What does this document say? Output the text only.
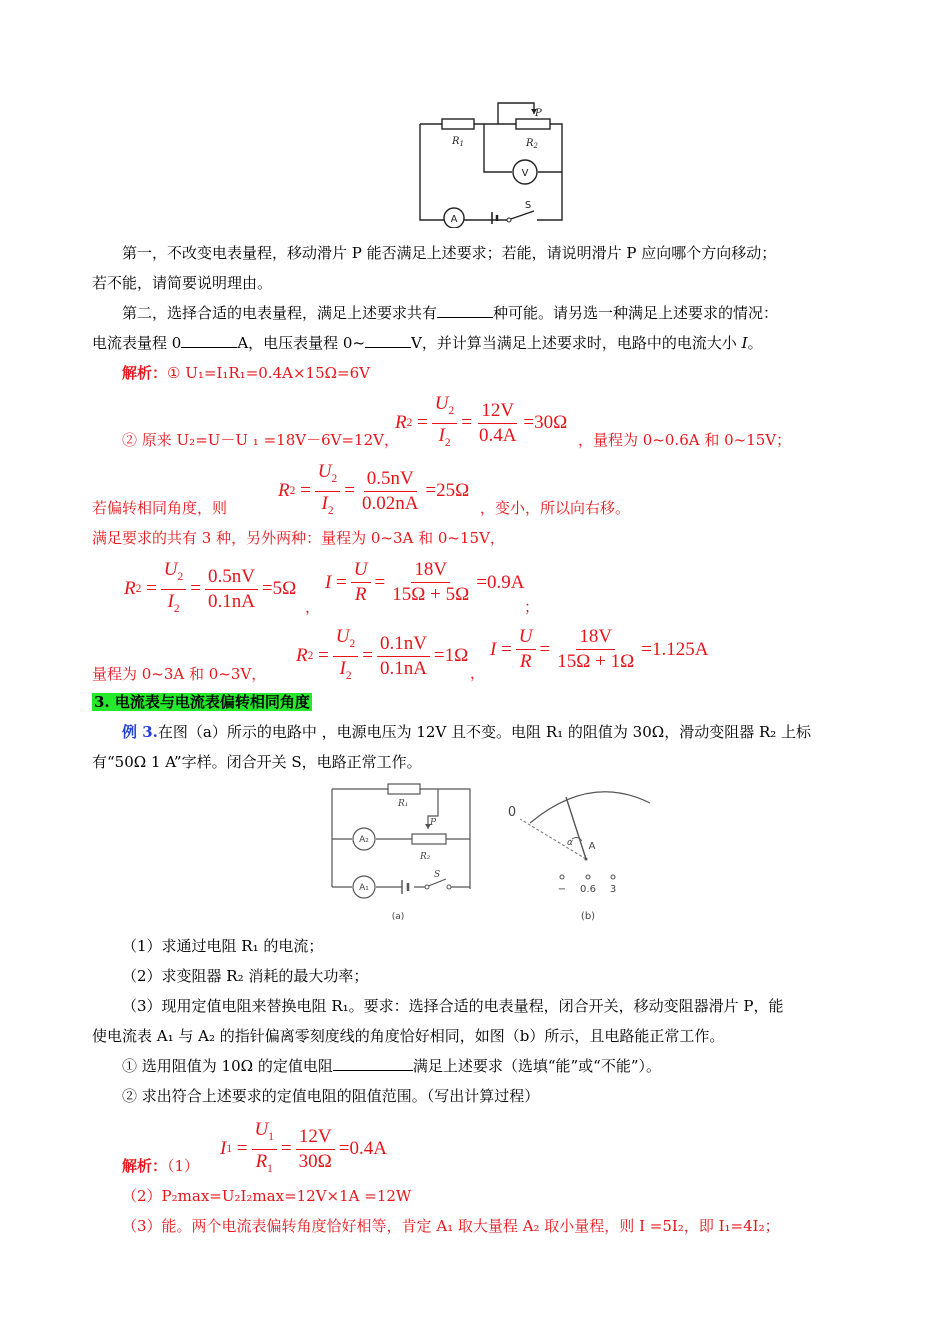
$R_1$	$R_2$
P
V
A
S
第一，不改变电表量程，移动滑片 P 能否满足上述要求；若能，请说明滑片 P 应向哪个方向移动；
若不能，请简要说明理由。
第二，选择合适的电表量程，满足上述要求共有	种可能。请另选一种满足上述要求的情况：
电流表量程 0	A，电压表量程 0~	V，并计算当满足上述要求时，电路中的电流大小 I。
解析：① U₁=I₁R₁=0.4A×15Ω=6V
R $2 = \frac{U_2}{I_2} = \frac{12V}{0.4A} = 30\Omega$
② 原来 U₂=U－U ₁ =18V－6V=12V，	，量程为 0~0.6A 和 0~15V；
R $2 = \frac{U_2}{I_2} = \frac{0.5nV}{0.02nA} = 25\Omega$
若偏转相同角度，则	，变小，所以向右移。
满足要求的共有 3 种，另外两种：量程为 0~3A 和 0~15V，
R $2 = \frac{U_2}{I_2} = \frac{0.5nV}{0.1nA} = 5\Omega$
，
$I = \frac{U}{R} = \frac{18V}{15\Omega + 5\Omega} = 0.9A$
；
R $2 = \frac{U_2}{I_2} = \frac{0.1nV}{0.1nA} = 1\Omega$
量程为 0~3A 和 0~3V，	，
$I = \frac{U}{R} = \frac{18V}{15\Omega + 1\Omega} = 1.125A$
3. 电流表与电流表偏转相同角度
例 3.在图（a）所示的电路中 ，电源电压为 12V 且不变。电阻 R₁ 的阻值为 30Ω，滑动变阻器 R₂ 上标
有“50Ω 1 A”字样。闭合开关 S，电路正常工作。
R₁
R₂
P
S
A₂
A₁
(a)
0
α A
− 0.6 3
(b)
（1）求通过电阻 R₁ 的电流；
（2）求变阻器 R₂ 消耗的最大功率；
（3）现用定值电阻来替换电阻 R₁。要求：选择合适的电表量程，闭合开关，移动变阻器滑片 P，能
使电流表 A₁ 与 A₂ 的指针偏离零刻度线的角度恰好相同，如图（b）所示，且电路能正常工作。
① 选用阻值为 10Ω 的定值电阻	满足上述要求（选填“能”或“不能”）。
② 求出符合上述要求的定值电阻的阻值范围。（写出计算过程）
I $1 = \frac{U_1}{R_1} = \frac{12V}{30\Omega} = 0.4A$
解析：（1）
（2）P₂max=U₂I₂max=12V×1A =12W
（3）能。两个电流表偏转角度恰好相等，肯定 A₁ 取大量程 A₂ 取小量程，则 I =5I₂，即 I₁=4I₂；
